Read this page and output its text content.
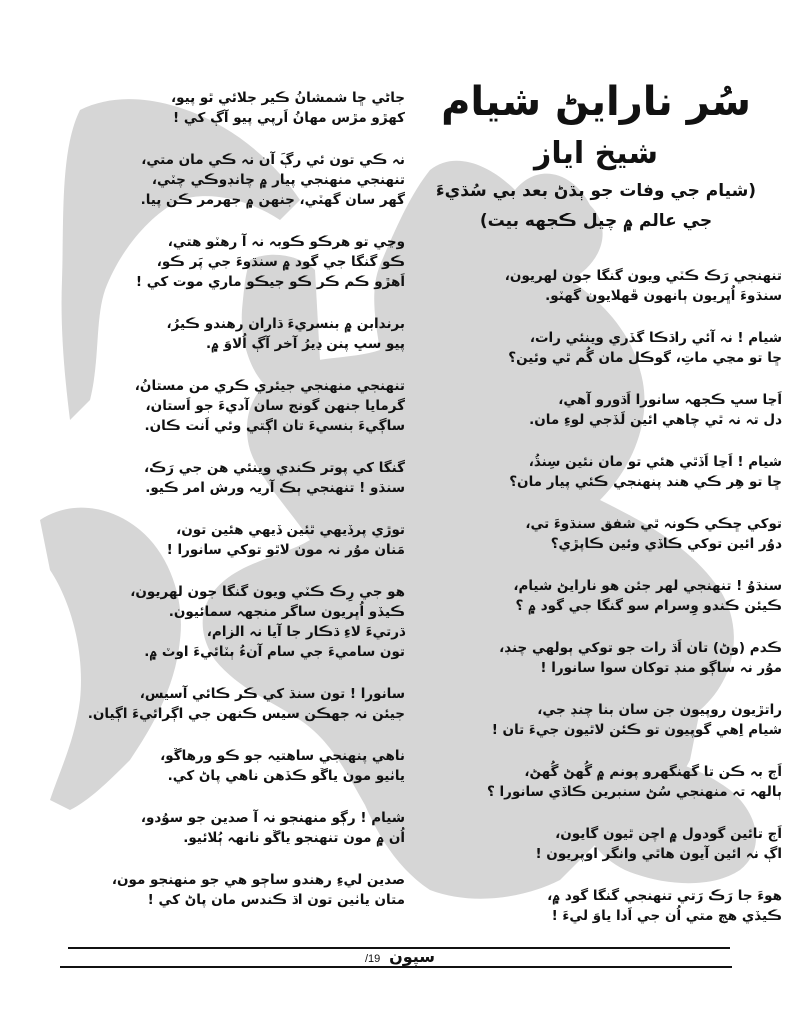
سُر نارايڻ شيام
شيخ اياز
(شيام جي وفات جو ٻڌڻ بعد بي سُڌيءَ
جي عالم ۾ چيل ڪجھه بيت)
تنھنجي رَڪ ڪٽي ويون گنگا جون لھريون،
سنڌوءَ اُڀريون ٻانھون ڦھلايون گھٽو.
شيام ! نہ آئي راڌڪا گڏري وينئي رات،
ڇا تو مڃي ماتِ، گوڪل مان گُم ٿي وئين؟
اَڃا سڀ ڪجھہ سانورا اَڌورو آھي،
دل تہ نہ ٿي چاھي ائين لَڏجي لوءِ مان.
شيام ! اَڃا اَڏٿي ھئي تو مان نئين سِنڌُ،
ڇا تو ھِر ڪي ھند پنھنجي ڪئي پيار مان؟
توکي ڇڪي ڪونہ ٿي شفق سنڌوءَ تي،
دوُر ائين توکي ڪاڏي وئين ڪاپڙي؟
سنڌوُ ! تنھنجي لھر جئن ھو نارايڻ شيام،
ڪيئن ڪندو وِسرام سو گنگا جي گود ۾ ؟
ڪدم (وڻ) تان اَڌ رات جو توکي ٻولھي چنڊ،
موُر نہ ساڳو منڊ توکان سوا سانورا !
راتڙيون روپيون جن سان بنا چنڊ جي،
شيام اِھي گوپيون تو ڪئن لاٿيون جيءَ تان !
اَڄ بہ ڪن تا گھنگھرو پونم ۾ گُھڻ گُھڻ،
ٻالھہ تہ منھنجي سُڻ سنبرين ڪاڏي سانورا ؟
اَڄ تائين گودول ۾ اچن ٿيون گايون،
اڳ نہ ائين آيون ھاٿي وانگر اوپريون !
ھوءَ جا رَڪ رَتي تنھنجي گنگا گود ۾،
ڪيڏي ھڄ متي اُن جي اَدا ياوَ ليءَ !
جاڻي ڇا شمشانُ ڪير جلائي ٿو پيو،
کھڙو مڙس مھانُ اَرپي پيو آڳ کي !
نہ ڪي تون ئي رڳَ آن نہ ڪي مان متي،
تنھنجي منھنجي پيار ۾ چانڊوڪي چٽي،
گھر سان گھٽي، جنھن ۾ جھرمر ڪن پيا.
وڃي تو ھرڪو ڪوبہ نہ آ رھٽو ھتي،
ڪو گنگا جي گود ۾ سنڌوءَ جي پَر ڪو،
اَھڙو ڪم ڪر ڪو جيڪو ماري موت کي !
برندابن ۾ بنسريءَ ڌاران رھندو ڪيرُ،
پيو سڀ پنن ڍيرُ آخر آڳ اُلاوَ ۾.
تنھنجي منھنجي جيئري ڪري من مستانُ،
گرمايا جنھن گونج سان آديءَ جو اَستان،
ساڳيءَ بنسيءَ تان اڳتي وئي اَنت ڪان.
گنگا کي پوتر ڪندي وينئي ھن جي رَڪ،
سنڌو ! تنھنجي ٻڪ آريہ ورش امر ڪيو.
توڙي پرڏيھي ٿئين ڏيھي ھئين تون،
مَنان موُر نہ مون لاٿو توکي سانورا !
ھو جي رِڪ ڪٽي ويون گنگا جون لھريون،
ڪيڏو اُڀريون ساگر منجھہ سمائيون.
ڌرتيءَ لاءِ ڌڪار جا آيا نہ الزام،
تون ساميءَ جي سام آنءُ ٻٽائيءَ اوٽ ۾.
سانورا ! تون سنڌ کي ڪر ڪائي آسيس،
جيئن نہ جھڪن سيس ڪنھن جي اڳرائيءَ اڳيان.
ناھي پنھنجي ساھتيہ جو ڪو ورھاڱو،
ياٺيو مون ياڱو ڪڏھن ناھي پاڻ کي.
شيام ! رڳو منھنجو نہ آ صدين جو سوُدو،
اُن ۾ مون تنھنجو ياڱو نانھہ ٻُلائيو.
صدين ليءِ رھندو ساڄو ھي جو منھنجو مون،
متان ياٺين تون اڌ ڪندس مان پاڻ کي !
سپون 19/
